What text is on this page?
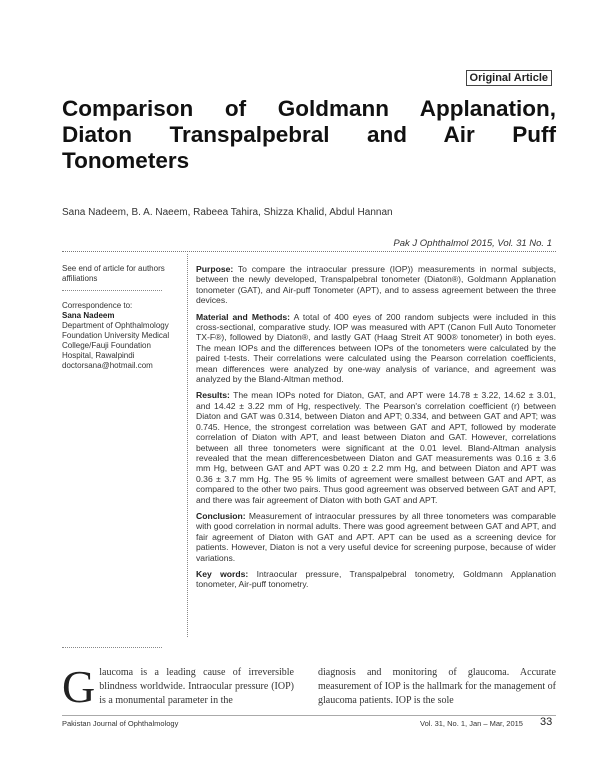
Original Article
Comparison of Goldmann Applanation, Diaton Transpalpebral and Air Puff Tonometers
Sana Nadeem, B. A. Naeem, Rabeea Tahira, Shizza Khalid, Abdul Hannan
Pak J Ophthalmol 2015, Vol. 31 No. 1
See end of article for authors affiliations
Correspondence to:
Sana Nadeem
Department of Ophthalmology Foundation University Medical College/Fauji Foundation Hospital, Rawalpindi
doctorsana@hotmail.com

Purpose: To compare the intraocular pressure (IOP)) measurements in normal subjects, between the newly developed, Transpalpebral tonometer (Diaton®), Goldmann Applanation tonometer (GAT), and Air-puff Tonometer (APT), and to assess agreement between the three devices.

Material and Methods: A total of 400 eyes of 200 random subjects were included in this cross-sectional, comparative study. IOP was measured with APT (Canon Full Auto Tonometer TX-F®), followed by Diaton®, and lastly GAT (Haag Streit AT 900® tonometer) in both eyes. The mean IOPs and the differences between IOPs of the tonometers were calculated by the paired t-tests. Their correlations were calculated using the Pearson correlation coefficients, mean differences were analyzed by one-way analysis of variance, and agreement was analyzed by the Bland-Altman method.

Results: The mean IOPs noted for Diaton, GAT, and APT were 14.78 ± 3.22, 14.62 ± 3.01, and 14.42 ± 3.22 mm of Hg, respectively. The Pearson's correlation coefficient (r) between Diaton and GAT was 0.314, between Diaton and APT; 0.334, and between GAT and APT; was 0.745. Hence, the strongest correlation was between GAT and APT, followed by moderate correlation of Diaton with APT, and least between Diaton and GAT. However, correlations between all three tonometers were significant at the 0.01 level. Bland-Altman analysis revealed that the mean differencesbetween Diaton and GAT measurements was 0.16 ± 3.6 mm Hg, between GAT and APT was 0.20 ± 2.2 mm Hg, and between Diaton and APT was 0.36 ± 3.7 mm Hg. The 95 % limits of agreement were smallest between GAT and APT, as compared to the other two pairs. Thus good agreement was observed between GAT and APT, and there was fair agreement of Diaton with both GAT and APT.

Conclusion: Measurement of intraocular pressures by all three tonometers was comparable with good correlation in normal adults. There was good agreement between GAT and APT, and fair agreement of Diaton with GAT and APT. APT can be used as a screening device for patients. However, Diaton is not a very useful device for screening purpose, because of wider variations.

Key words: Intraocular pressure, Transpalpebral tonometry, Goldmann Applanation tonometer, Air-puff tonometry.

Glaucoma is a leading cause of irreversible blindness worldwide. Intraocular pressure (IOP) is a monumental parameter in the
diagnosis and monitoring of glaucoma. Accurate measurement of IOP is the hallmark for the management of glaucoma patients. IOP is the sole
Pakistan Journal of Ophthalmology	Vol. 31, No. 1, Jan – Mar, 2015 33
